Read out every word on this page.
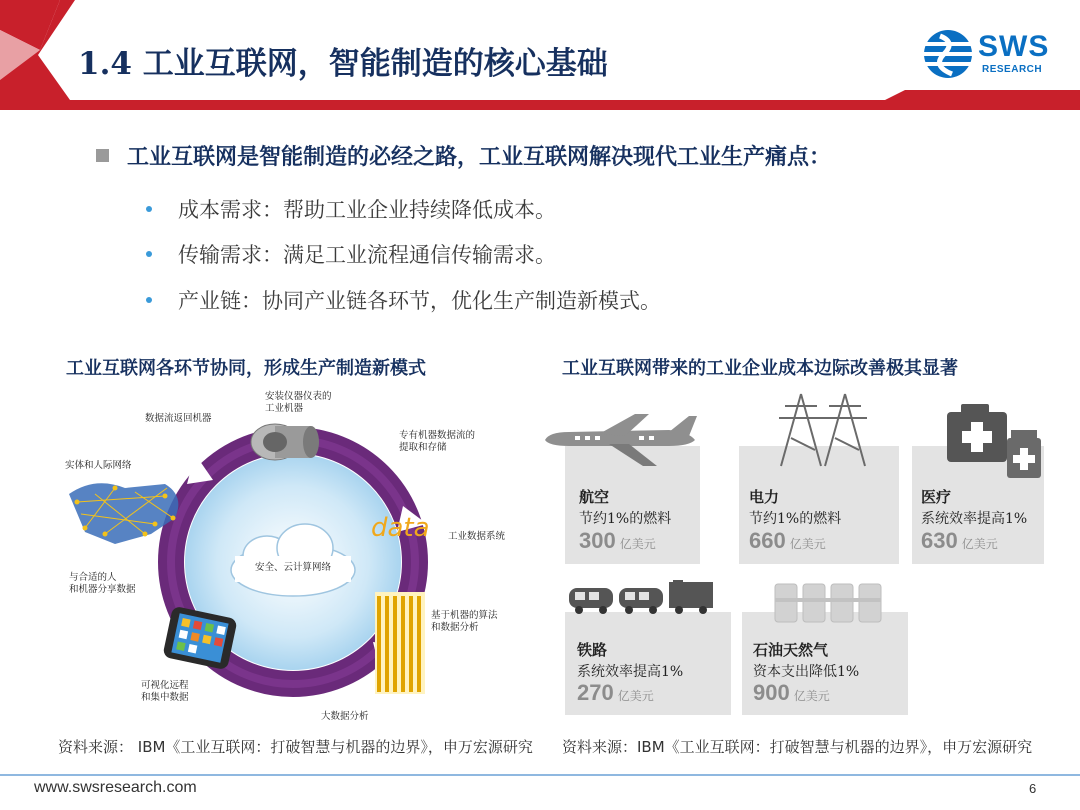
1.4 工业互联网，智能制造的核心基础	SWS
RESEARCH
工业互联网是智能制造的必经之路，工业互联网解决现代工业生产痛点：
成本需求：帮助工业企业持续降低成本。
传输需求：满足工业流程通信传输需求。
产业链：协同产业链各环节，优化生产制造新模式。
工业互联网各环节协同，形成生产制造新模式	工业互联网带来的工业企业成本边际改善极其显著
安全、云计算网络
data
安装仪器仪表的
工业机器
数据流返回机器
实体和人际网络
专有机器数据流的
提取和存储
工业数据系统
与合适的人
和机器分享数据
基于机器的算法
和数据分析
可视化远程
和集中数据
大数据分析
航空
节约1%的燃料
300 亿美元
电力
节约1%的燃料
660 亿美元
医疗
系统效率提高1%
630 亿美元
铁路
系统效率提高1%
270 亿美元
石油天然气
资本支出降低1%
900 亿美元
资料来源： IBM《工业互联网：打破智慧与机器的边界》，申万宏源研究	资料来源：IBM《工业互联网：打破智慧与机器的边界》，申万宏源研究
www.swsresearch.com	6
